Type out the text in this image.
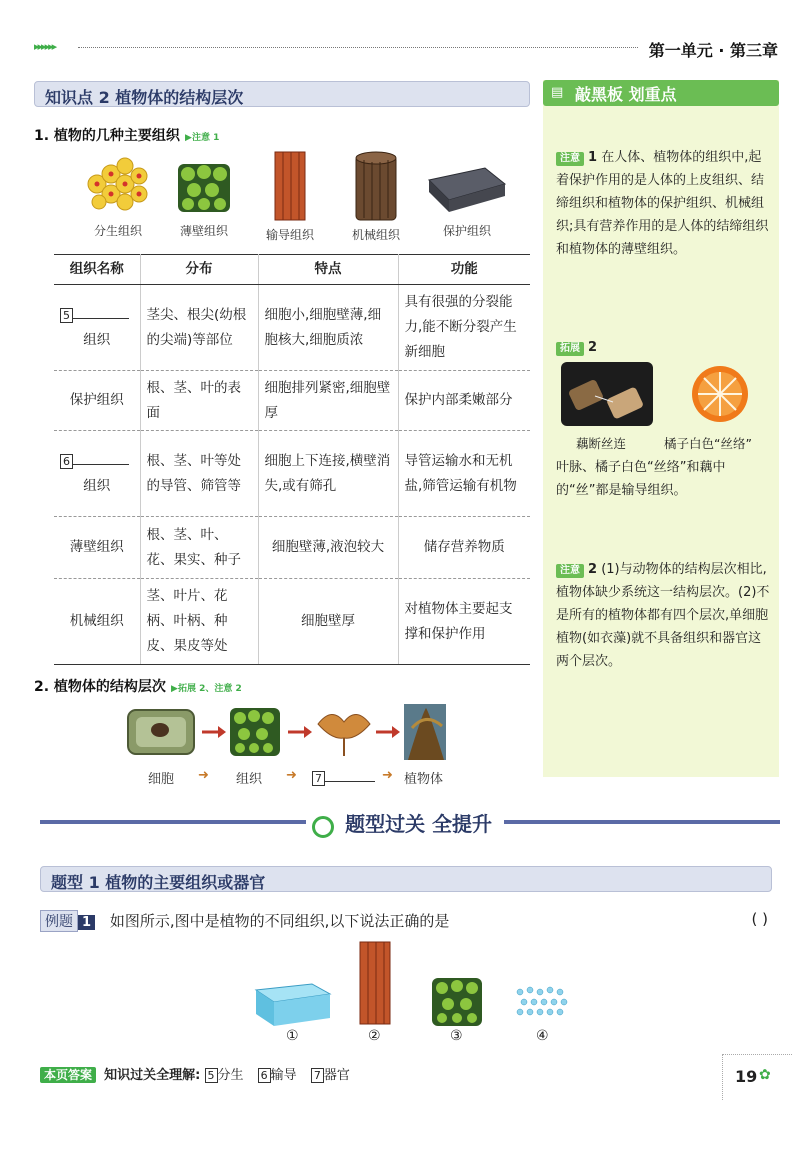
▸▸▸▸▸▸	第一单元 · 第三章
知识点 2 植物体的结构层次
1. 植物的几种主要组织 ▶注意 1
分生组织	薄壁组织	输导组织	机械组织	保护组织
组织名称	分布	特点	功能

5
组织	茎尖、根尖(幼根的尖端)等部位	细胞小,细胞壁薄,细胞核大,细胞质浓	具有很强的分裂能力,能不断分裂产生新细胞
保护组织	根、茎、叶的表面	细胞排列紧密,细胞壁厚	保护内部柔嫩部分

6
组织	根、茎、叶等处的导管、筛管等	细胞上下连接,横壁消失,或有筛孔	导管运输水和无机盐,筛管运输有机物
薄壁组织	根、茎、叶、花、果实、种子	细胞壁薄,液泡较大	储存营养物质
机械组织	茎、叶片、花柄、叶柄、种皮、果皮等处	细胞壁厚	对植物体主要起支撑和保护作用
2. 植物体的结构层次 ▶拓展 2、注意 2
细胞 ➜ 组织 ➜ 7	➜ 植物体
敲黑板 划重点
▤
注意 1 在人体、植物体的组织中,起着保护作用的是人体的上皮组织、结缔组织和植物体的保护组织、机械组织;具有营养作用的是人体的结缔组织和植物体的薄壁组织。
拓展 2
藕断丝连	橘子白色“丝络”
叶脉、橘子白色“丝络”和藕中的“丝”都是输导组织。
注意 2 (1)与动物体的结构层次相比,植物体缺少系统这一结构层次。(2)不是所有的植物体都有四个层次,单细胞植物(如衣藻)就不具备组织和器官这两个层次。
题型过关 全提升
题型 1 植物的主要组织或器官
例题 1 如图所示,图中是植物的不同组织,以下说法正确的是	( )
①	②	③	④
本页答案 知识过关全理解: 5 分生 6 输导 7 器官	19 ✿
